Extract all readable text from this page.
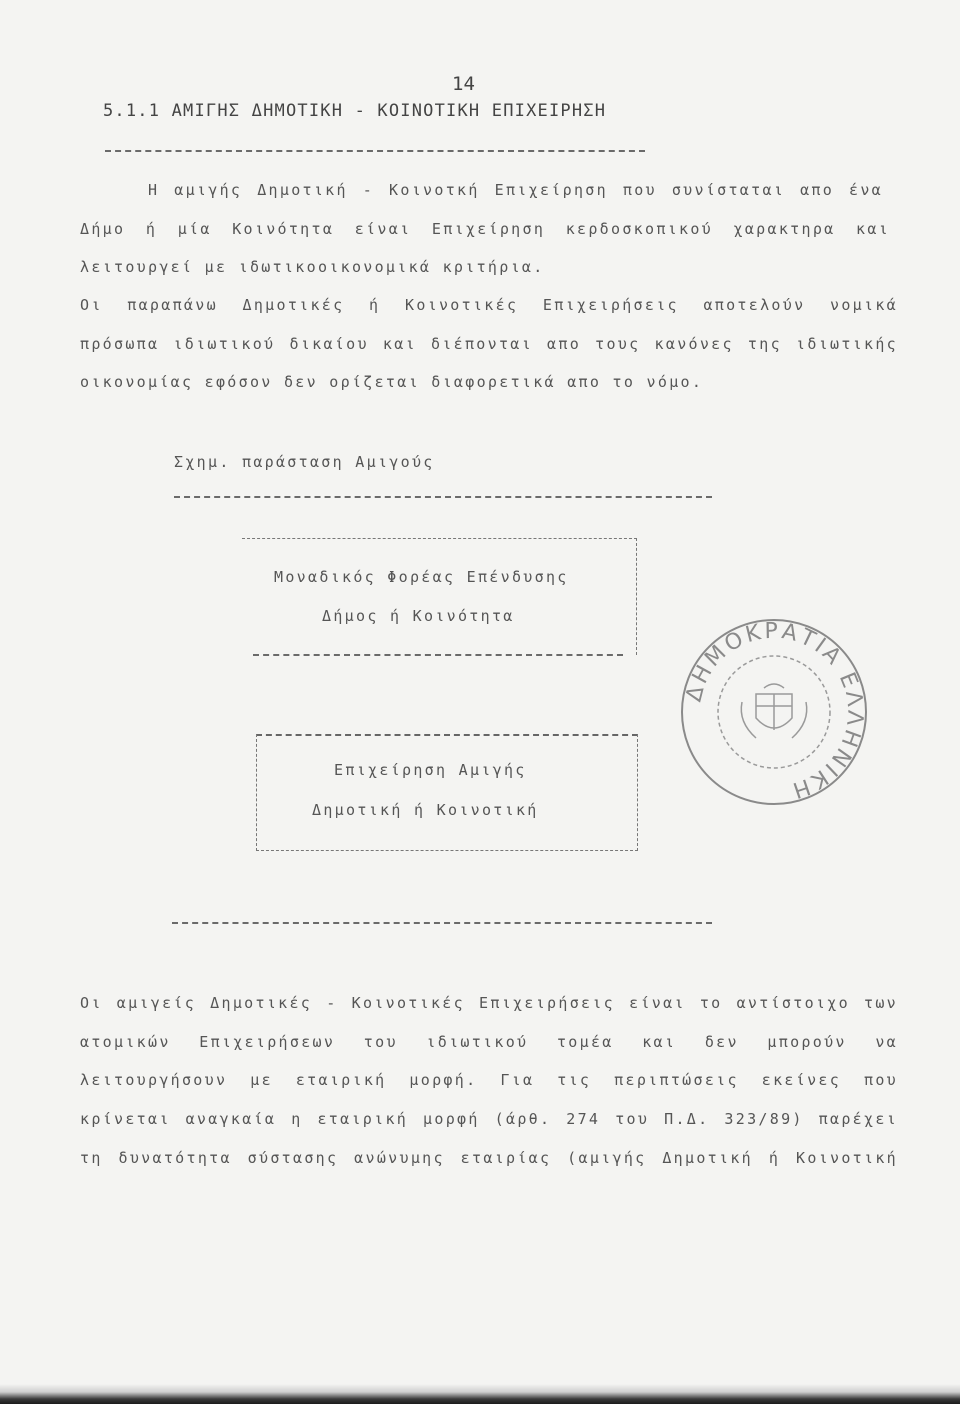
14
5.1.1 ΑΜΙΓΗΣ ΔΗΜΟΤΙΚΗ - ΚΟΙΝΟΤΙΚΗ ΕΠΙΧΕΙΡΗΣΗ
Η αμιγής Δημοτική - Κοινοτκή Επιχείρηση που συνίσταται απο ένα
Δήμο ή μία Κοινότητα είναι Επιχείρηση κερδοσκοπικού χαρακτηρα και
λειτουργεί με ιδωτικοοικονομικά κριτήρια.
Οι παραπάνω Δημοτικές ή Κοινοτικές Επιχειρήσεις αποτελούν νομικά
πρόσωπα ιδιωτικού δικαίου και διέπονται απο τους κανόνες της ιδιωτικής
οικονομίας εφόσον δεν ορίζεται διαφορετικά απο το νόμο.
Σχημ. παράσταση Αμιγούς
Μοναδικός Φορέας Επένδυσης
Δήμος ή Κοινότητα
Επιχείρηση Αμιγής
Δημοτική ή Κοινοτική
ΔΗΜΟΚΡΑΤΙΑ ΕΛΛΗΝΙΚΗ
Οι αμιγείς Δημοτικές - Κοινοτικές Επιχειρήσεις είναι το αντίστοιχο των
ατομικών Επιχειρήσεων του ιδιωτικού τομέα και δεν μπορούν να
λειτουργήσουν με εταιρική μορφή. Για τις περιπτώσεις εκείνες που
κρίνεται αναγκαία η εταιρική μορφή (άρθ. 274 του Π.Δ. 323/89) παρέχει
τη δυνατότητα σύστασης ανώνυμης εταιρίας (αμιγής Δημοτική ή Κοινοτική
